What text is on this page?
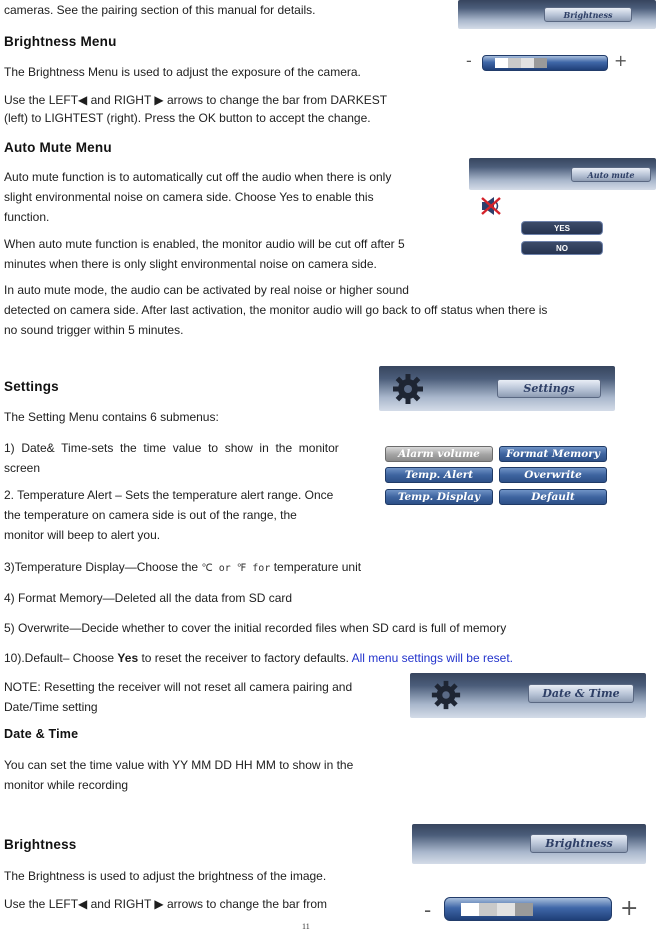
cameras. See the pairing section of this manual for details.	Brightness
Brightness Menu
The Brightness Menu is used to adjust the exposure of the camera.
Use the LEFT◀ and RIGHT ▶ arrows to change the bar from DARKEST
(left) to LIGHTEST (right). Press the OK button to accept the change.
-	+
Auto Mute Menu
Auto mute function is to automatically cut off the audio when there is only
slight environmental noise on camera side. Choose Yes to enable this
function.
When auto mute function is enabled, the monitor audio will be cut off after 5
minutes when there is only slight environmental noise on camera side.
In auto mute mode, the audio can be activated by real noise or higher sound
detected on camera side. After last activation, the monitor audio will go back to off status when there is
no sound trigger within 5 minutes.
Auto mute
YES
NO
Settings
The Setting Menu contains 6 submenus:
1)  Date&  Time-sets  the  time  value  to  show  in  the  monitor
screen
2. Temperature Alert – Sets the temperature alert range. Once
the temperature on camera side is out of the range, the
monitor will beep to alert you.
3)Temperature Display—Choose the ℃ or ℉ for temperature unit
4) Format Memory—Deleted all the data from SD card
5) Overwrite—Decide whether to cover the initial recorded files when SD card is full of memory
10).Default– Choose Yes to reset the receiver to factory defaults. All menu settings will be reset.
NOTE: Resetting the receiver will not reset all camera pairing and
Date/Time setting
Settings
Alarm volume	Format Memory
Temp. Alert	Overwrite
Temp. Display	Default
Date & Time
Date & Time
You can set the time value with YY MM DD HH MM to show in the
monitor while recording
Brightness
The Brightness is used to adjust the brightness of the image.
Use the LEFT◀ and RIGHT ▶ arrows to change the bar from
Brightness
-	+
11
